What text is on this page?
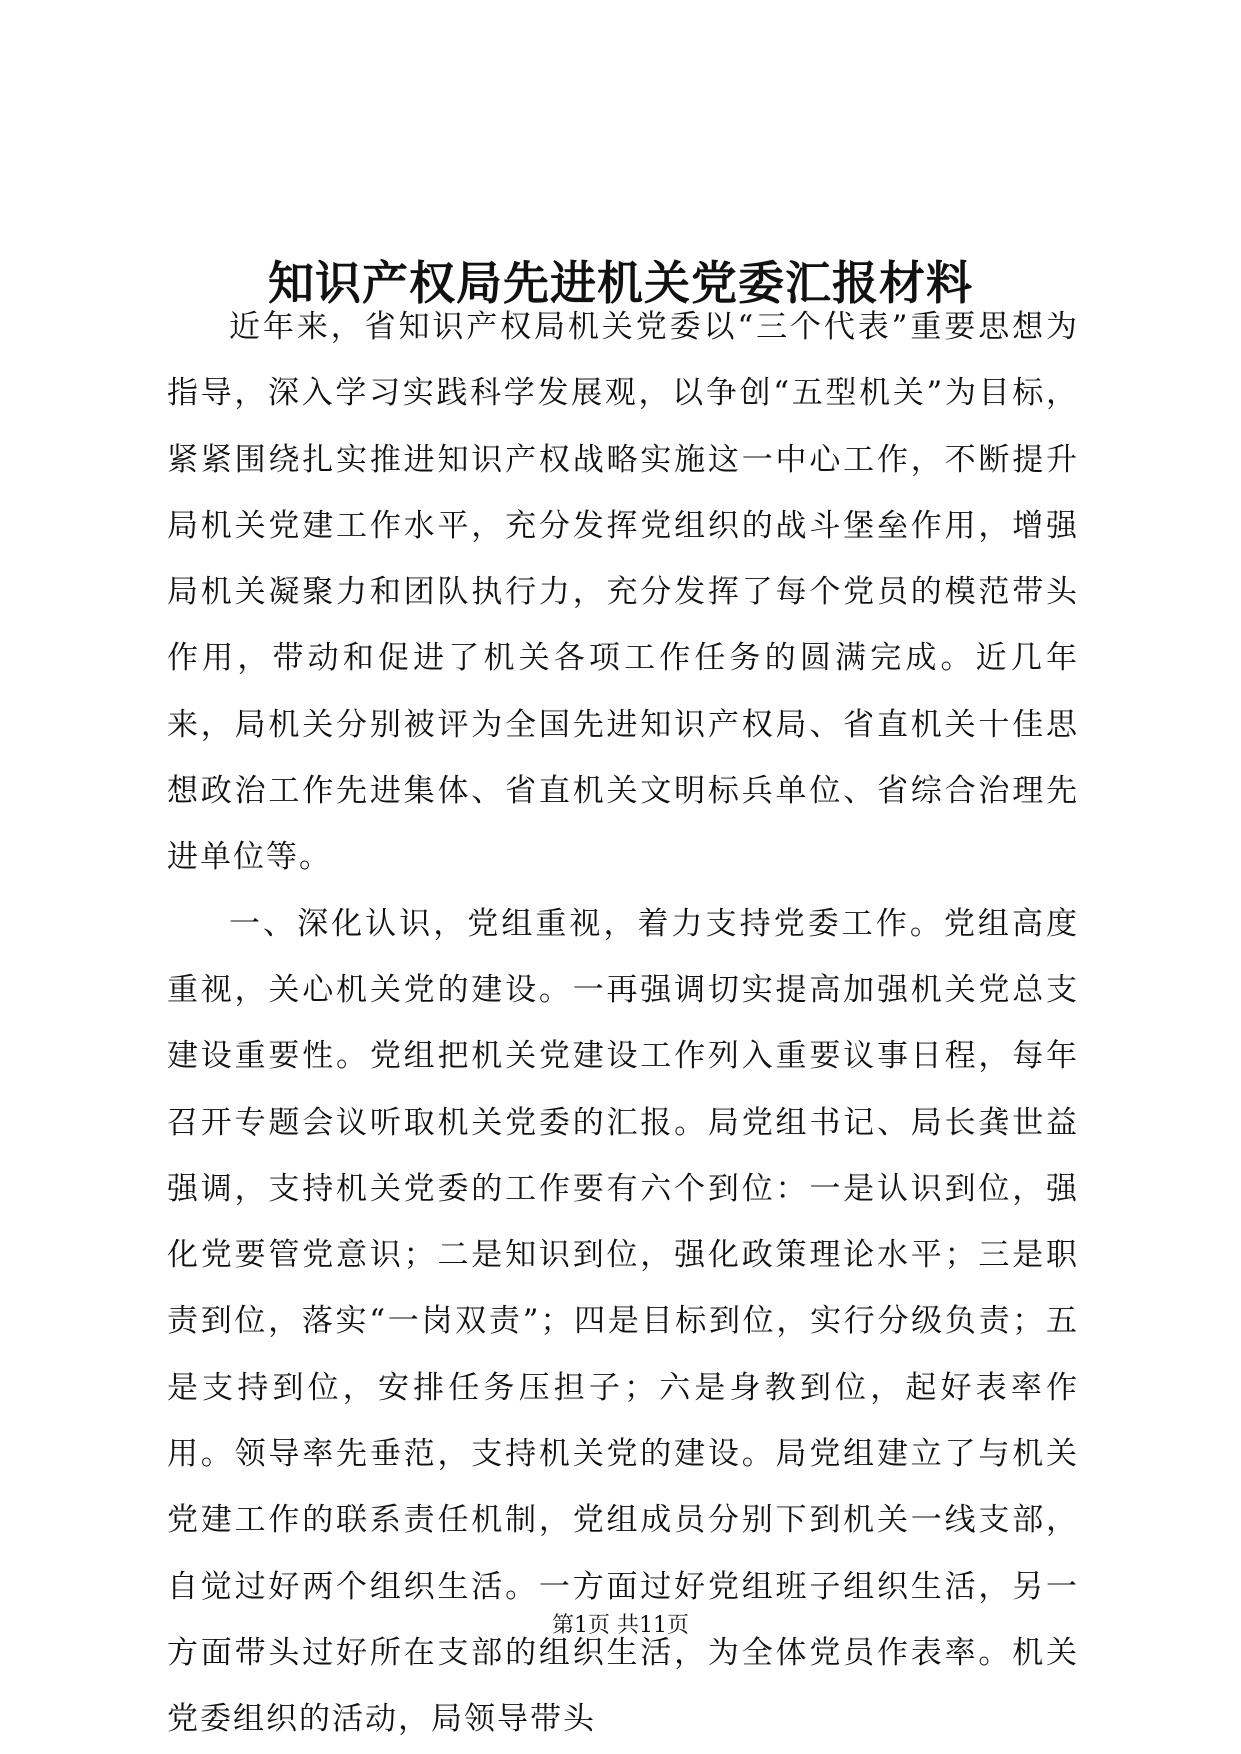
知识产权局先进机关党委汇报材料

近年来，省知识产权局机关党委以“三个代表”重要思想为指导，深入学习实践科学发展观，以争创“五型机关”为目标，紧紧围绕扎实推进知识产权战略实施这一中心工作，不断提升局机关党建工作水平，充分发挥党组织的战斗堡垒作用，增强局机关凝聚力和团队执行力，充分发挥了每个党员的模范带头作用，带动和促进了机关各项工作任务的圆满完成。近几年来，局机关分别被评为全国先进知识产权局、省直机关十佳思想政治工作先进集体、省直机关文明标兵单位、省综合治理先进单位等。

一、深化认识，党组重视，着力支持党委工作。党组高度重视，关心机关党的建设。一再强调切实提高加强机关党总支建设重要性。党组把机关党建设工作列入重要议事日程，每年召开专题会议听取机关党委的汇报。局党组书记、局长龚世益强调，支持机关党委的工作要有六个到位：一是认识到位，强化党要管党意识；二是知识到位，强化政策理论水平；三是职责到位，落实“一岗双责”；四是目标到位，实行分级负责；五是支持到位，安排任务压担子；六是身教到位，起好表率作用。领导率先垂范，支持机关党的建设。局党组建立了与机关党建工作的联系责任机制，党组成员分别下到机关一线支部，自觉过好两个组织生活。一方面过好党组班子组织生活，另一方面带头过好所在支部的组织生活，为全体党员作表率。机关党委组织的活动，局领导带头

第1页 共11页
